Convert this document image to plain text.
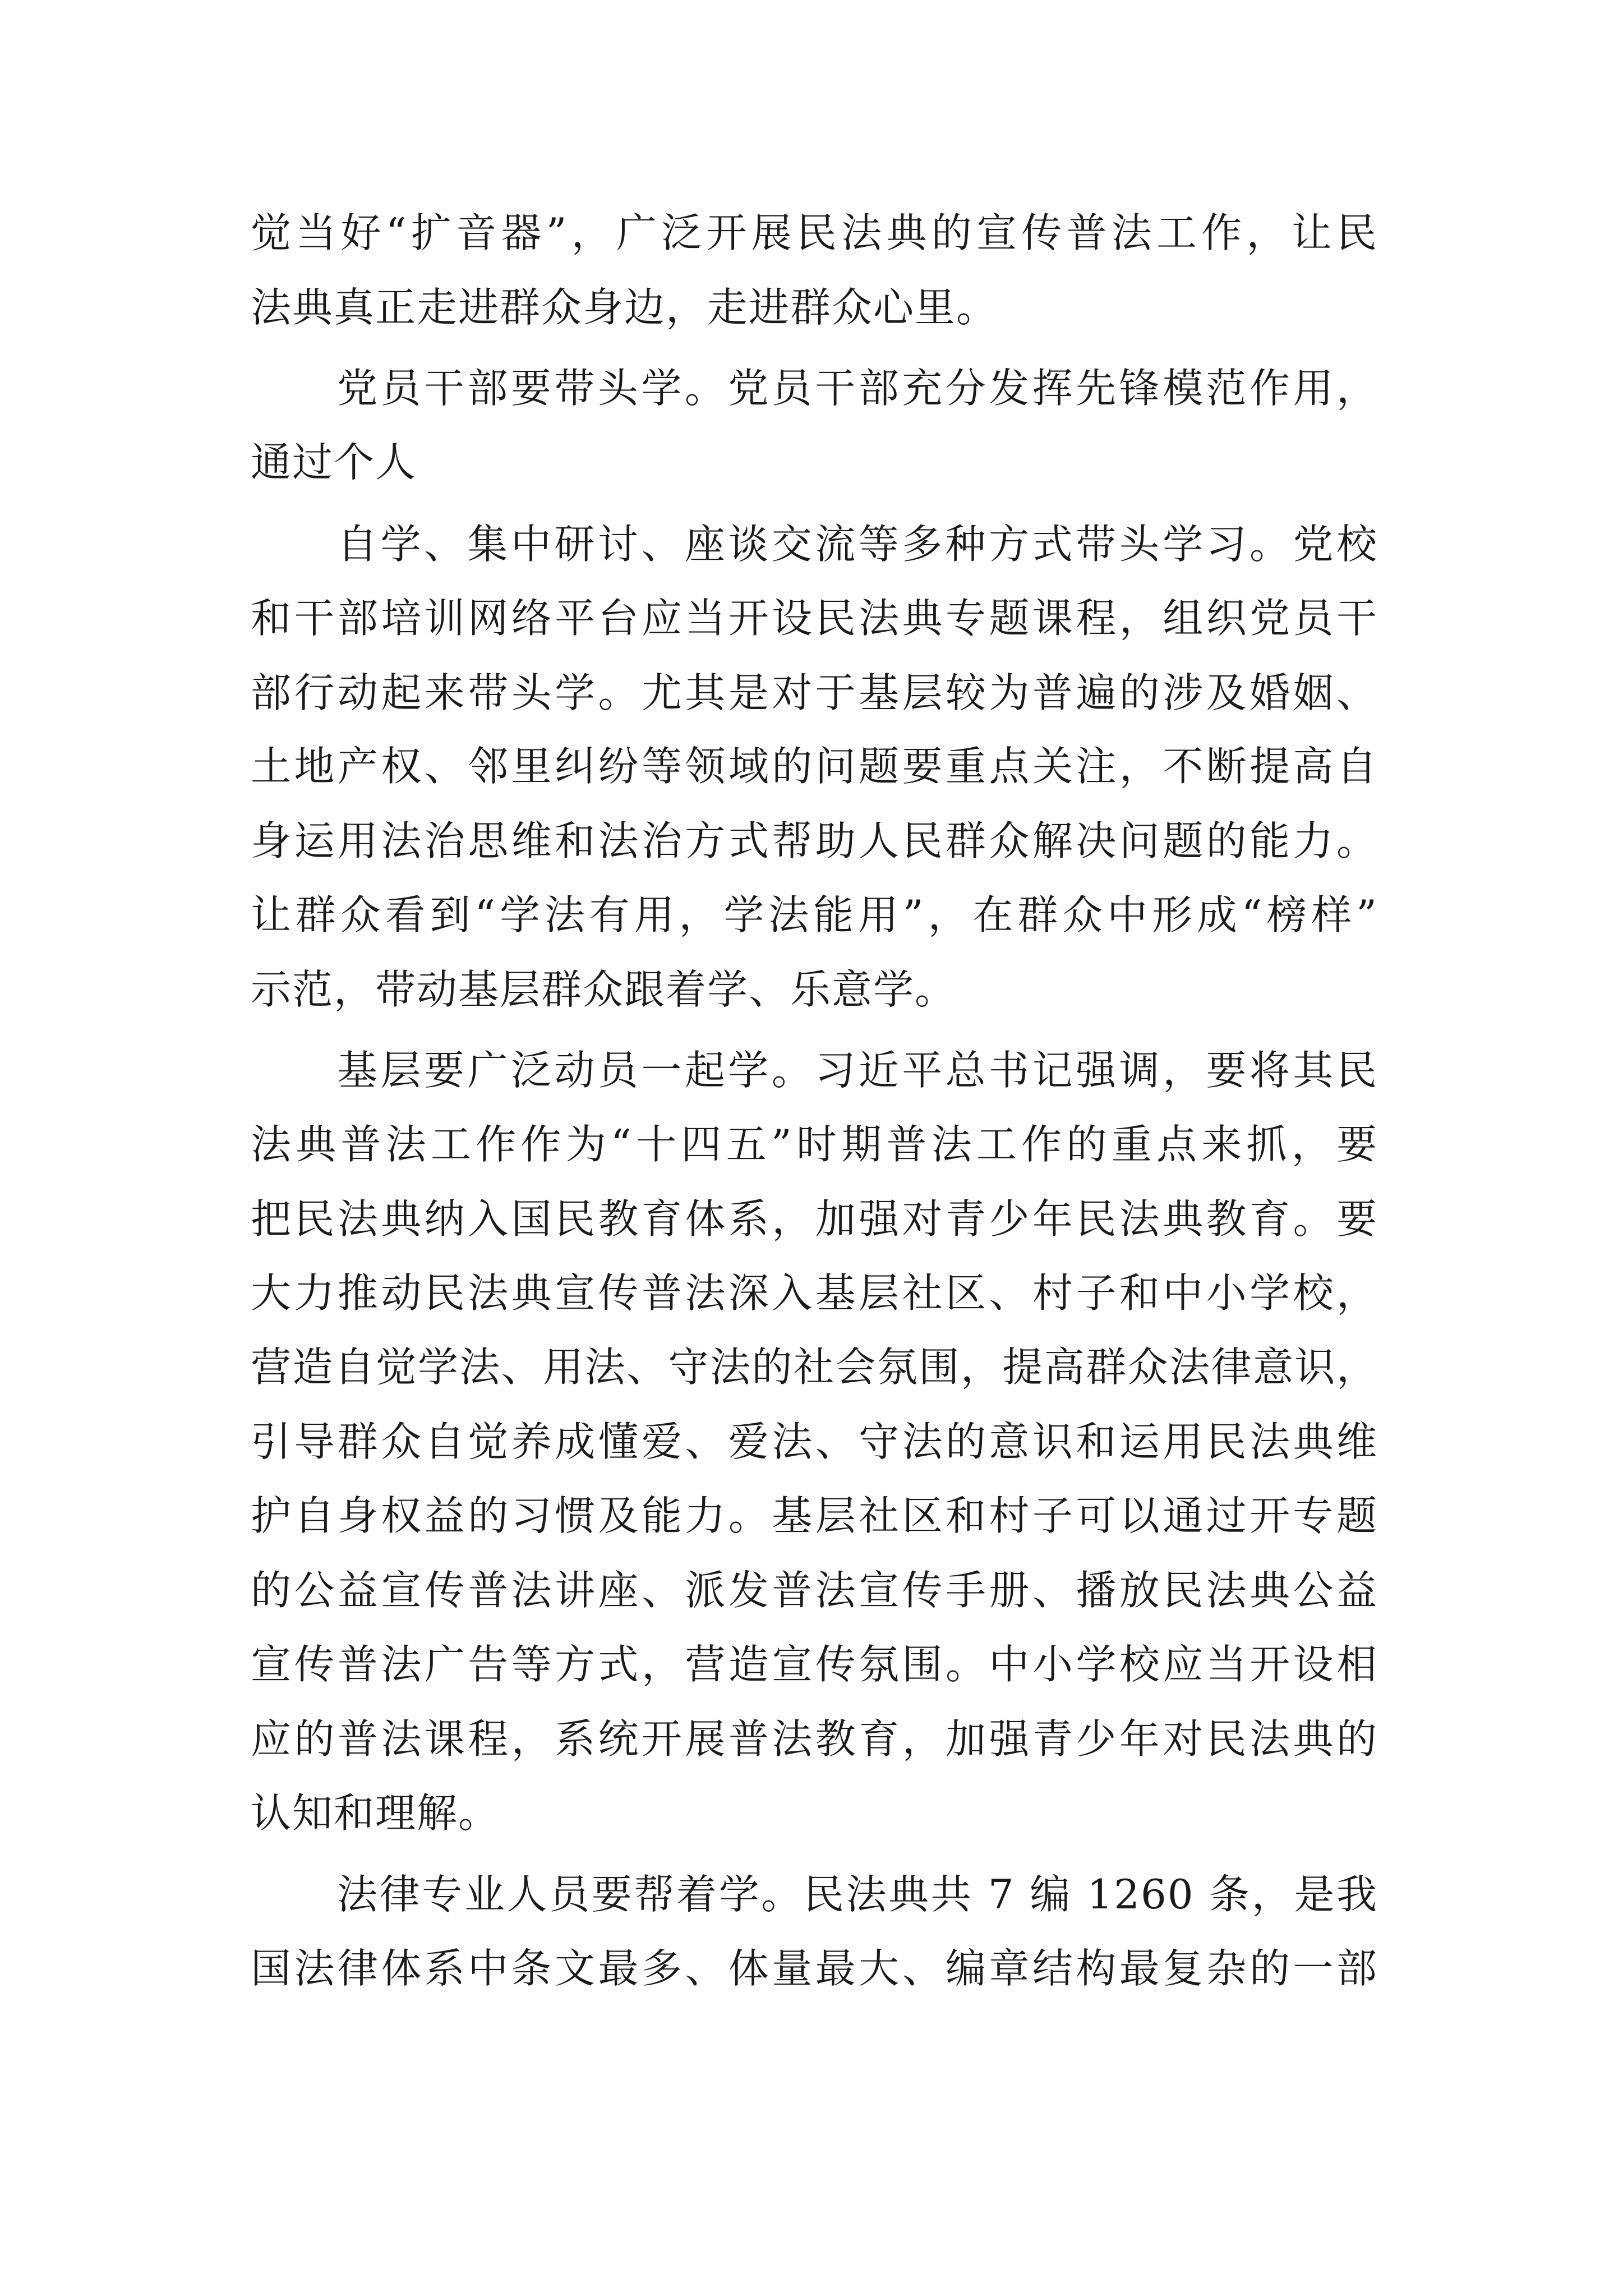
觉当好“扩音器”，广泛开展民法典的宣传普法工作，让民

法典真正走进群众身边，走进群众心里。

党员干部要带头学。党员干部充分发挥先锋模范作用，

通过个人

自学、集中研讨、座谈交流等多种方式带头学习。党校

和干部培训网络平台应当开设民法典专题课程，组织党员干

部行动起来带头学。尤其是对于基层较为普遍的涉及婚姻、

土地产权、邻里纠纷等领域的问题要重点关注，不断提高自

身运用法治思维和法治方式帮助人民群众解决问题的能力。

让群众看到“学法有用，学法能用”，在群众中形成“榜样”

示范，带动基层群众跟着学、乐意学。

基层要广泛动员一起学。习近平总书记强调，要将其民

法典普法工作作为“十四五”时期普法工作的重点来抓，要

把民法典纳入国民教育体系，加强对青少年民法典教育。要

大力推动民法典宣传普法深入基层社区、村子和中小学校，

营造自觉学法、用法、守法的社会氛围，提高群众法律意识，

引导群众自觉养成懂爱、爱法、守法的意识和运用民法典维

护自身权益的习惯及能力。基层社区和村子可以通过开专题

的公益宣传普法讲座、派发普法宣传手册、播放民法典公益

宣传普法广告等方式，营造宣传氛围。中小学校应当开设相

应的普法课程，系统开展普法教育，加强青少年对民法典的

认知和理解。

法律专业人员要帮着学。民法典共 7 编 1260 条，是我

国法律体系中条文最多、体量最大、编章结构最复杂的一部
